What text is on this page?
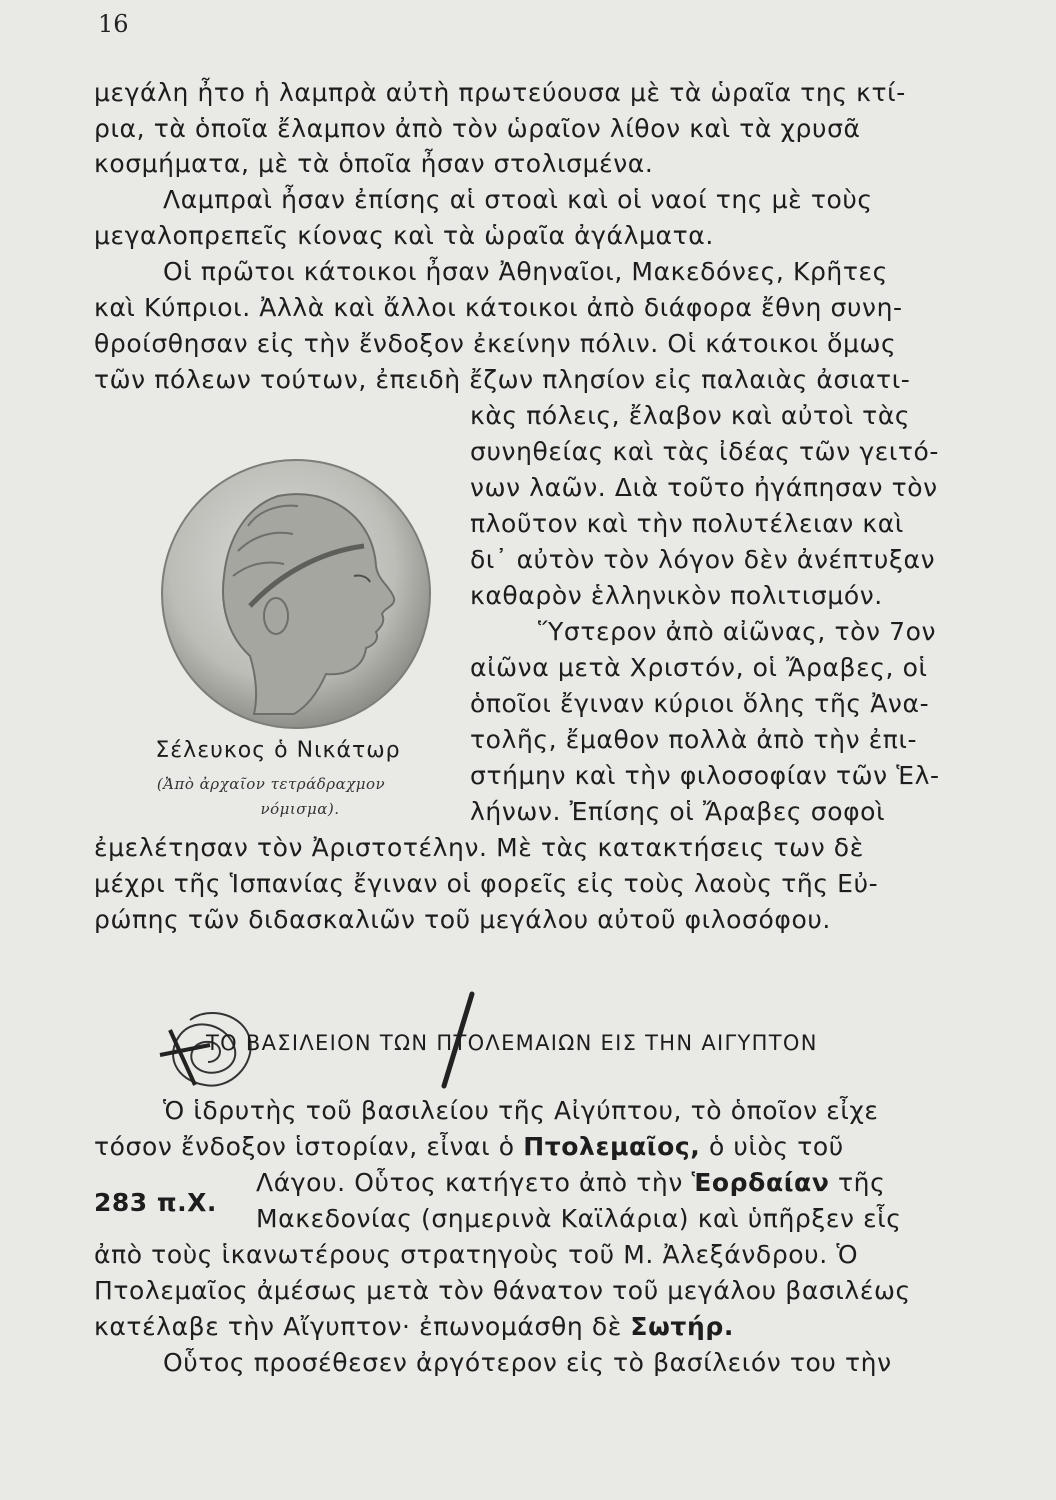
16
μεγάλη ἦτο ἡ λαμπρὰ αὐτὴ πρωτεύουσα μὲ τὰ ὡραῖα της κτί-
ρια, τὰ ὁποῖα ἔλαμπον ἀπὸ τὸν ὡραῖον λίθον καὶ τὰ χρυσᾶ
κοσμήματα, μὲ τὰ ὁποῖα ἦσαν στολισμένα.
Λαμπραὶ ἦσαν ἐπίσης αἱ στοαὶ καὶ οἱ ναοί της μὲ τοὺς
μεγαλοπρεπεῖς κίονας καὶ τὰ ὡραῖα ἀγάλματα.
Οἱ πρῶτοι κάτοικοι ἦσαν Ἀθηναῖοι, Μακεδόνες, Κρῆτες
καὶ Κύπριοι. Ἀλλὰ καὶ ἄλλοι κάτοικοι ἀπὸ διάφορα ἔθνη συνη-
θροίσθησαν εἰς τὴν ἔνδοξον ἐκείνην πόλιν. Οἱ κάτοικοι ὅμως
τῶν πόλεων τούτων, ἐπειδὴ ἔζων πλησίον εἰς παλαιὰς ἀσιατι-
κὰς πόλεις, ἔλαβον καὶ αὐτοὶ τὰς
συνηθείας καὶ τὰς ἰδέας τῶν γειτό-
νων λαῶν. Διὰ τοῦτο ἠγάπησαν τὸν
πλοῦτον καὶ τὴν πολυτέλειαν καὶ
δι᾽ αὐτὸν τὸν λόγον δὲν ἀνέπτυξαν
καθαρὸν ἑλληνικὸν πολιτισμόν.
Ὕστερον ἀπὸ αἰῶνας, τὸν 7ον
αἰῶνα μετὰ Χριστόν, οἱ Ἄραβες, οἱ
ὁποῖοι ἔγιναν κύριοι ὅλης τῆς Ἀνα-
τολῆς, ἔμαθον πολλὰ ἀπὸ τὴν ἐπι-
στήμην καὶ τὴν φιλοσοφίαν τῶν Ἑλ-
λήνων. Ἐπίσης οἱ Ἄραβες σοφοὶ
ἐμελέτησαν τὸν Ἀριστοτέλην. Μὲ τὰς κατακτήσεις των δὲ
μέχρι τῆς Ἱσπανίας ἔγιναν οἱ φορεῖς εἰς τοὺς λαοὺς τῆς Εὐ-
ρώπης τῶν διδασκαλιῶν τοῦ μεγάλου αὐτοῦ φιλοσόφου.
Σέλευκος ὁ Νικάτωρ
(Ἀπὸ ἀρχαῖον τετράδραχμον
νόμισμα).
ΤΟ ΒΑΣΙΛΕΙΟΝ ΤΩΝ ΠΤΟΛΕΜΑΙΩΝ ΕΙΣ ΤΗΝ ΑΙΓΥΠΤΟΝ
Ὁ ἱδρυτὴς τοῦ βασιλείου τῆς Αἰγύπτου, τὸ ὁποῖον εἶχε
τόσον ἔνδοξον ἱστορίαν, εἶναι ὁ Πτολεμαῖος, ὁ υἱὸς τοῦ
Λάγου. Οὗτος κατήγετο ἀπὸ τὴν Ἑορδαίαν τῆς
283 π.Χ.
Μακεδονίας (σημερινὰ Καϊλάρια) καὶ ὑπῆρξεν εἷς
ἀπὸ τοὺς ἱκανωτέρους στρατηγοὺς τοῦ Μ. Ἀλεξάνδρου. Ὁ
Πτολεμαῖος ἀμέσως μετὰ τὸν θάνατον τοῦ μεγάλου βασιλέως
κατέλαβε τὴν Αἴγυπτον· ἐπωνομάσθη δὲ Σωτήρ.
Οὗτος προσέθεσεν ἀργότερον εἰς τὸ βασίλειόν του τὴν
